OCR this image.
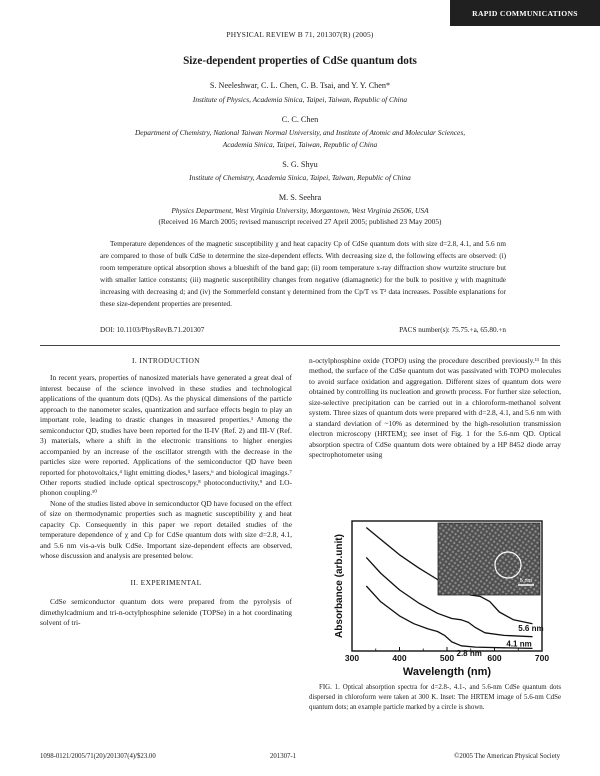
RAPID COMMUNICATIONS
PHYSICAL REVIEW B 71, 201307(R) (2005)
Size-dependent properties of CdSe quantum dots
S. Neeleshwar, C. L. Chen, C. B. Tsai, and Y. Y. Chen*
Institute of Physics, Academia Sinica, Taipei, Taiwan, Republic of China
C. C. Chen
Department of Chemistry, National Taiwan Normal University, and Institute of Atomic and Molecular Sciences,
Academia Sinica, Taipei, Taiwan, Republic of China
S. G. Shyu
Institute of Chemistry, Academia Sinica, Taipei, Taiwan, Republic of China
M. S. Seehra
Physics Department, West Virginia University, Morgantown, West Virginia 26506, USA
(Received 16 March 2005; revised manuscript received 27 April 2005; published 23 May 2005)
Temperature dependences of the magnetic susceptibility χ and heat capacity Cp of CdSe quantum dots with size d=2.8, 4.1, and 5.6 nm are compared to those of bulk CdSe to determine the size-dependent effects. With decreasing size d, the following effects are observed: (i) room temperature optical absorption shows a blueshift of the band gap; (ii) room temperature x-ray diffraction show wurtzite structure but with smaller lattice constants; (iii) magnetic susceptibility changes from negative (diamagnetic) for the bulk to positive χ with magnitude increasing with decreasing d; and (iv) the Sommerfeld constant γ determined from the Cp/T vs T² data increases. Possible explanations for these size-dependent properties are presented.
DOI: 10.1103/PhysRevB.71.201307	PACS number(s): 75.75.+a, 65.80.+n
I. INTRODUCTION

In recent years, properties of nanosized materials have generated a great deal of interest because of the science involved in these studies and technological applications of the quantum dots (QDs). As the physical dimensions of the particle approach to the nanometer scales, quantization and surface effects begin to play an important role, leading to drastic changes in measured properties.¹ Among the semiconductor QD, studies have been reported for the II-IV (Ref. 2) and III-V (Ref. 3) materials, where a shift in the electronic transitions to higher energies accompanied by an increase of the oscillator strength with the decrease in the particles size were reported. Applications of the semiconductor QD have been reported for photovoltaics,⁴ light emitting diodes,⁵ lasers,⁶ and biological imagings.⁷ Other reports studied include optical spectroscopy,⁸ photoconductivity,⁹ and LO-phonon coupling.¹⁰

None of the studies listed above in semiconductor QD have focused on the effect of size on thermodynamic properties such as magnetic susceptibility χ and heat capacity Cp. Consequently in this paper we report detailed studies of the temperature dependence of χ and Cp for CdSe quantum dots with size d=2.8, 4.1, and 5.6 nm vis-a-vis bulk CdSe. Important size-dependent effects are observed, whose discussion and analysis are presented below.

II. EXPERIMENTAL

CdSe semiconductor quantum dots were prepared from the pyrolysis of dimethylcadmium and tri-n-octylphosphine selenide (TOPSe) in a hot coordinating solvent of tri-

n-octylphosphine oxide (TOPO) using the procedure described previously.¹¹ In this method, the surface of the CdSe quantum dot was passivated with TOPO molecules to avoid surface oxidation and aggregation. Different sizes of quantum dots were obtained by controlling its nucleation and growth process. For further size selection, size-selective precipitation can be carried out in a chloroform-methanol solvent system. Three sizes of quantum dots were prepared with d=2.8, 4.1, and 5.6 nm with a standard deviation of ~10% as determined by the high-resolution transmission electron microscopy (HRTEM); see inset of Fig. 1 for the 5.6-nm QD. Optical absorption spectra of CdSe quantum dots were obtained by a HP 8452 diode array spectrophotometer using

300	400	500	600	700
Wavelength (nm)
Absorbance (arb.unit)	5.6 nm
4.1 nm
2.8 nm
5 nm
FIG. 1. Optical absorption spectra for d=2.8-, 4.1-, and 5.6-nm CdSe quantum dots dispersed in chloroform were taken at 300 K. Inset: The HRTEM image of 5.6-nm CdSe quantum dots; an example particle marked by a circle is shown.
1098-0121/2005/71(20)/201307(4)/$23.00	201307-1	©2005 The American Physical Society
